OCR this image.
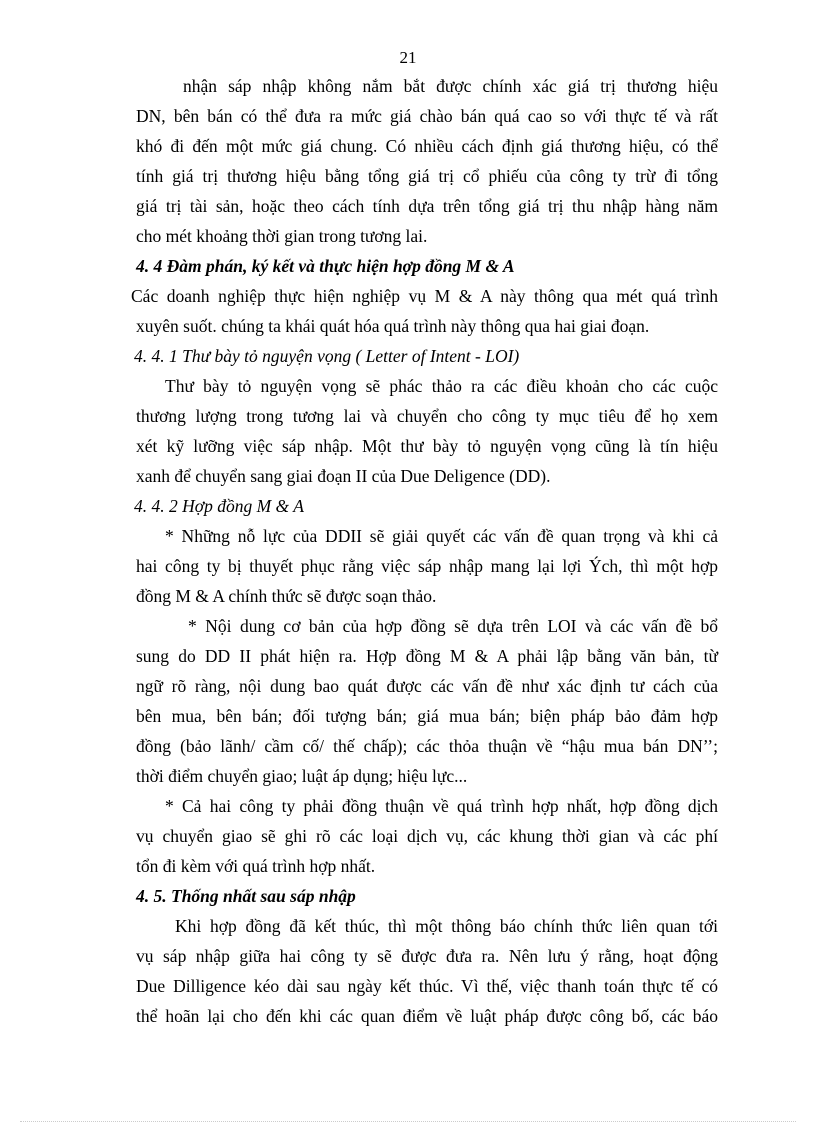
21
nhận sáp nhập không nắm bắt được chính xác giá trị thương hiệu
DN, bên bán có thể đưa ra mức giá chào bán quá cao so với thực tế và rất
khó đi đến một mức giá chung. Có nhiều cách định giá thương hiệu, có thể
tính giá trị thương hiệu bằng tổng giá trị cổ phiếu của công ty trừ đi tổng
giá trị tài sản, hoặc theo cách tính dựa trên tổng giá trị thu nhập hàng năm
cho mét khoảng thời gian trong tương lai.
4. 4 Đàm phán, ký kết và thực hiện hợp đồng M & A
Các doanh nghiệp thực hiện nghiệp vụ M & A này thông qua mét quá trình
xuyên suốt. chúng ta khái quát hóa quá trình này thông qua hai giai đoạn.
4. 4. 1 Thư bày tỏ nguyện vọng ( Letter of Intent - LOI)
Thư bày tỏ nguyện vọng sẽ phác thảo ra các điều khoản cho các cuộc
thương lượng trong tương lai và chuyển cho công ty mục tiêu để họ xem
xét kỹ lưỡng việc sáp nhập. Một thư bày tỏ nguyện vọng cũng là tín hiệu
xanh để chuyển sang giai đoạn II của Due Deligence (DD).
4. 4. 2 Hợp đồng M & A
* Những nỗ lực của DDII sẽ giải quyết các vấn đề quan trọng và khi cả
hai công ty bị thuyết phục rằng việc sáp nhập mang lại lợi Ých, thì một hợp
đồng M & A chính thức sẽ được soạn thảo.
* Nội dung cơ bản của hợp đồng sẽ dựa trên LOI và các vấn đề bổ
sung do DD II phát hiện ra. Hợp đồng M & A phải lập bằng văn bản, từ
ngữ rõ ràng, nội dung bao quát được các vấn đề như xác định tư cách của
bên mua, bên bán; đối tượng bán; giá mua bán; biện pháp bảo đảm hợp
đồng (bảo lãnh/ cầm cố/ thế chấp); các thỏa thuận về “hậu mua bán DN’’;
thời điểm chuyển giao; luật áp dụng; hiệu lực...
* Cả hai công ty phải đồng thuận về quá trình hợp nhất, hợp đồng dịch
vụ chuyển giao sẽ ghi rõ các loại dịch vụ, các khung thời gian và các phí
tổn đi kèm với quá trình hợp nhất.
4. 5. Thống nhất sau sáp nhập
Khi hợp đồng đã kết thúc, thì một thông báo chính thức liên quan tới
vụ sáp nhập giữa hai công ty sẽ được đưa ra. Nên lưu ý rằng, hoạt động
Due Dilligence kéo dài sau ngày kết thúc. Vì thế, việc thanh toán thực tế có
thể hoãn lại cho đến khi các quan điểm về luật pháp được công bố, các báo
